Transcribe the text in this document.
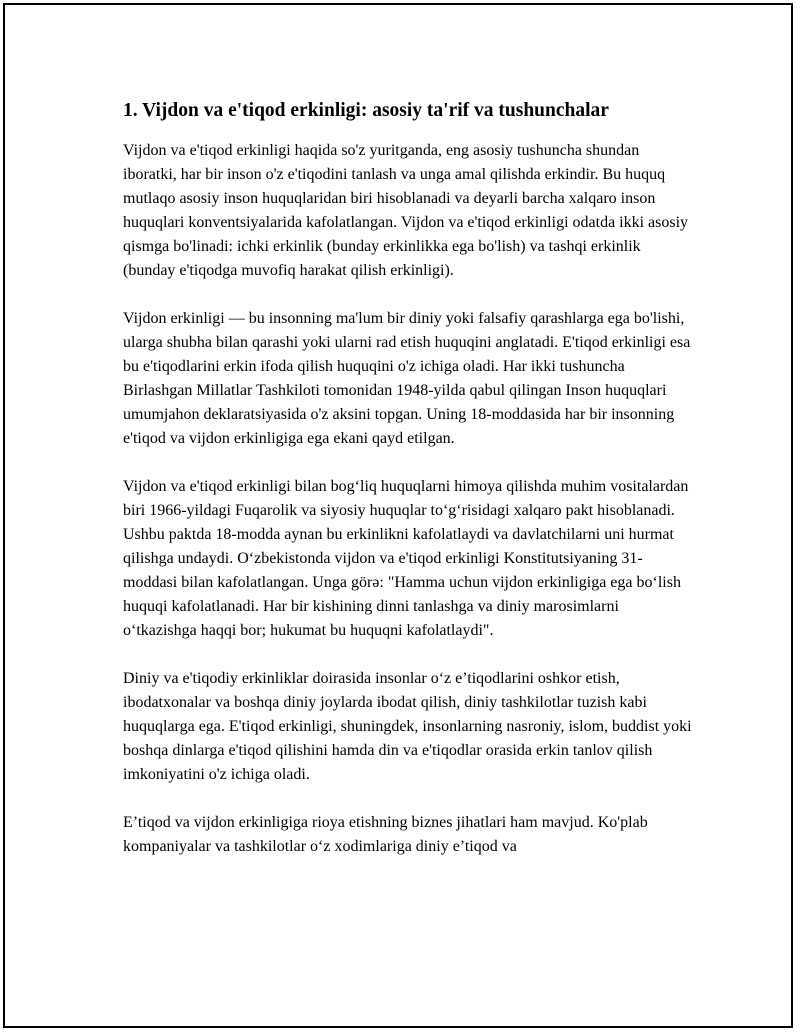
1. Vijdon va e'tiqod erkinligi: asosiy ta'rif va tushunchalar

Vijdon va e'tiqod erkinligi haqida so'z yuritganda, eng asosiy tushuncha shundan iboratki, har bir inson o'z e'tiqodini tanlash va unga amal qilishda erkindir. Bu huquq mutlaqo asosiy inson huquqlaridan biri hisoblanadi va deyarli barcha xalqaro inson huquqlari konventsiyalarida kafolatlangan. Vijdon va e'tiqod erkinligi odatda ikki asosiy qismga bo'linadi: ichki erkinlik (bunday erkinlikka ega bo'lish) va tashqi erkinlik (bunday e'tiqodga muvofiq harakat qilish erkinligi).

Vijdon erkinligi — bu insonning ma'lum bir diniy yoki falsafiy qarashlarga ega bo'lishi, ularga shubha bilan qarashi yoki ularni rad etish huquqini anglatadi. E'tiqod erkinligi esa bu e'tiqodlarini erkin ifoda qilish huquqini o'z ichiga oladi. Har ikki tushuncha Birlashgan Millatlar Tashkiloti tomonidan 1948-yilda qabul qilingan Inson huquqlari umumjahon deklaratsiyasida o'z aksini topgan. Uning 18-moddasida har bir insonning e'tiqod va vijdon erkinligiga ega ekani qayd etilgan.

Vijdon va e'tiqod erkinligi bilan bog‘liq huquqlarni himoya qilishda muhim vositalardan biri 1966-yildagi Fuqarolik va siyosiy huquqlar to‘g‘risidagi xalqaro pakt hisoblanadi. Ushbu paktda 18-modda aynan bu erkinlikni kafolatlaydi va davlatchilarni uni hurmat qilishga undaydi. O‘zbekistonda vijdon va e'tiqod erkinligi Konstitutsiyaning 31-moddasi bilan kafolatlangan. Unga görə: "Hamma uchun vijdon erkinligiga ega bo‘lish huquqi kafolatlanadi. Har bir kishining dinni tanlashga va diniy marosimlarni o‘tkazishga haqqi bor; hukumat bu huquqni kafolatlaydi".

Diniy va e'tiqodiy erkinliklar doirasida insonlar o‘z e’tiqodlarini oshkor etish, ibodatxonalar va boshqa diniy joylarda ibodat qilish, diniy tashkilotlar tuzish kabi huquqlarga ega. E'tiqod erkinligi, shuningdek, insonlarning nasroniy, islom, buddist yoki boshqa dinlarga e'tiqod qilishini hamda din va e'tiqodlar orasida erkin tanlov qilish imkoniyatini o'z ichiga oladi.

E’tiqod va vijdon erkinligiga rioya etishning biznes jihatlari ham mavjud. Ko'plab kompaniyalar va tashkilotlar o‘z xodimlariga diniy e’tiqod va
